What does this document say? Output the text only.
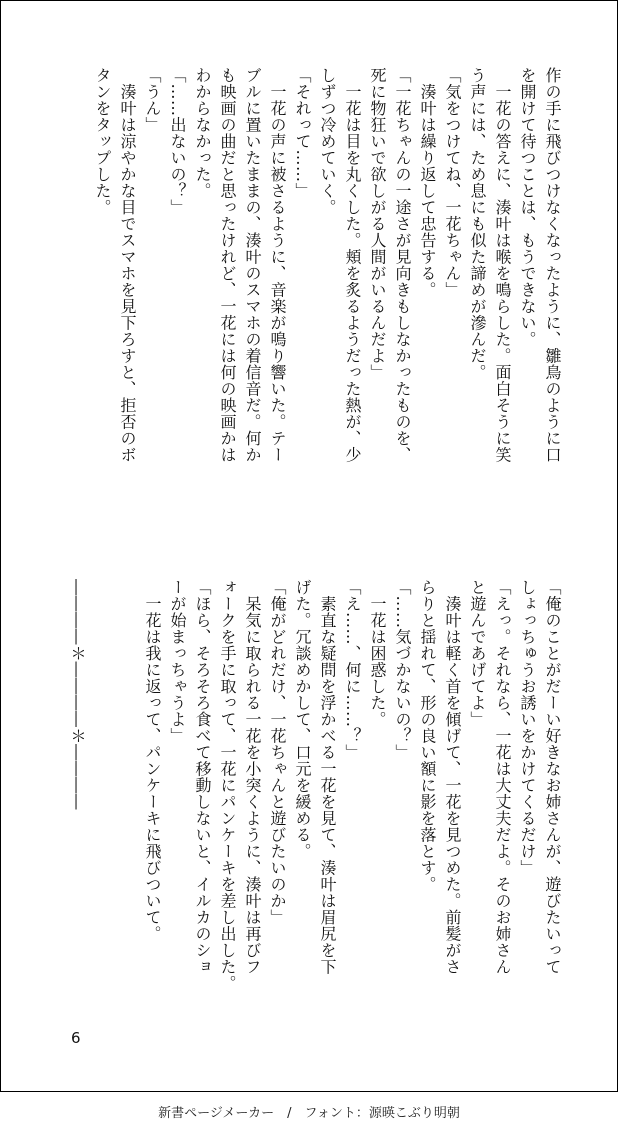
作の手に飛びつけなくなったように、雛鳥のように口
を開けて待つことは、もうできない。
　一花の答えに、湊叶は喉を鳴らした。面白そうに笑
う声には、ため息にも似た諦めが滲んだ。
「気をつけてね、一花ちゃん」
　湊叶は繰り返して忠告する。
「一花ちゃんの一途さが見向きもしなかったものを、
死に物狂いで欲しがる人間がいるんだよ」
　一花は目を丸くした。頬を炙るようだった熱が、少
しずつ冷めていく。
「それって……」
　一花の声に被さるように、音楽が鳴り響いた。テー
ブルに置いたままの、湊叶のスマホの着信音だ。何か
も映画の曲だと思ったけれど、一花には何の映画かは
わからなかった。
「……出ないの？」
「うん」
　湊叶は涼やかな目でスマホを見下ろすと、拒否のボ
タンをタップした。
「俺のことがだーい好きなお姉さんが、遊びたいって
しょっちゅうお誘いをかけてくるだけ」
「えっ。それなら、一花は大丈夫だよ。そのお姉さん
と遊んであげてよ」
　湊叶は軽く首を傾げて、一花を見つめた。前髪がさ
らりと揺れて、形の良い額に影を落とす。
「……気づかないの？」
　一花は困惑した。
「え……、何に……？」
　素直な疑問を浮かべる一花を見て、湊叶は眉尻を下
げた。冗談めかして、口元を緩める。
「俺がどれだけ、一花ちゃんと遊びたいのか」
　呆気に取られる一花を小突くように、湊叶は再びフ
ォークを手に取って、一花にパンケーキを差し出した。
「ほら、そろそろ食べて移動しないと、イルカのショ
ーが始まっちゃうよ」
　一花は我に返って、パンケーキに飛びついて。

――――＊――――＊――――
6
新書ページメーカー　/　フォント：源暎こぶり明朝
